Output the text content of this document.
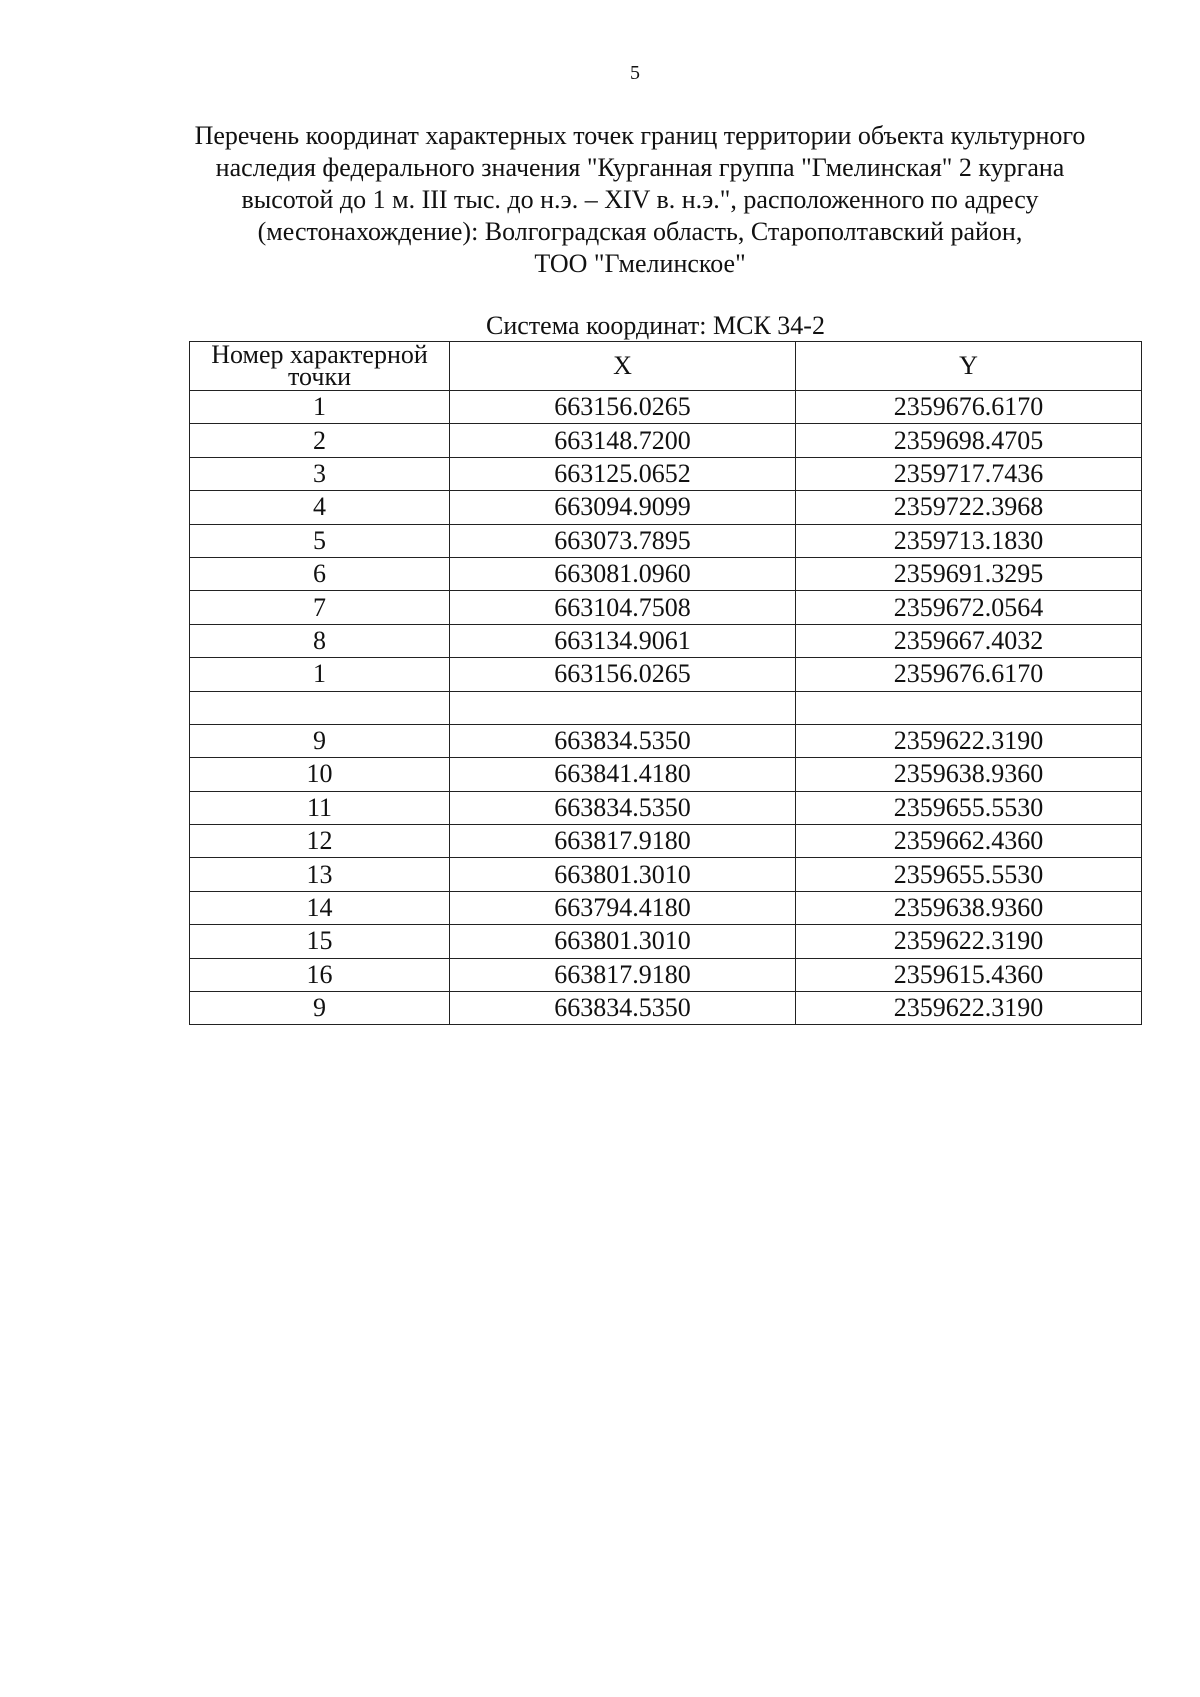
5
Перечень координат характерных точек границ территории объекта культурного
наследия федерального значения "Курганная группа "Гмелинская" 2 кургана
высотой до 1 м. III тыс. до н.э. – XIV в. н.э.", расположенного по адресу
(местонахождение): Волгоградская область, Старополтавский район,
ТОО "Гмелинское"
Система координат: МСК 34-2
Номер характерной
точки	X	Y
1	663156.0265	2359676.6170
2	663148.7200	2359698.4705
3	663125.0652	2359717.7436
4	663094.9099	2359722.3968
5	663073.7895	2359713.1830
6	663081.0960	2359691.3295
7	663104.7508	2359672.0564
8	663134.9061	2359667.4032
1	663156.0265	2359676.6170

9	663834.5350	2359622.3190
10	663841.4180	2359638.9360
11	663834.5350	2359655.5530
12	663817.9180	2359662.4360
13	663801.3010	2359655.5530
14	663794.4180	2359638.9360
15	663801.3010	2359622.3190
16	663817.9180	2359615.4360
9	663834.5350	2359622.3190
